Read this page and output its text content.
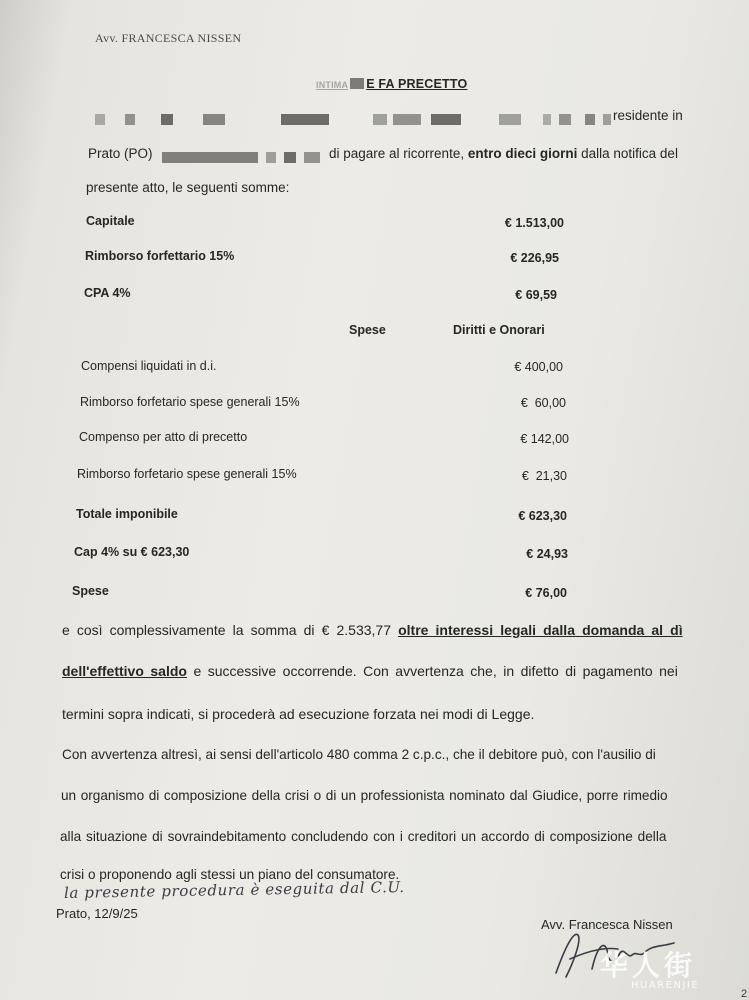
Avv. FRANCESCA NISSEN
INTIMA E FA PRECETTO
residente in
Prato (PO)	di pagare al ricorrente, entro dieci giorni dalla notifica del
presente atto, le seguenti somme:
Capitale	€ 1.513,00
Rimborso forfettario 15%	€ 226,95
CPA 4%	€ 69,59
Spese	Diritti e Onorari
Compensi liquidati in d.i.	€ 400,00
Rimborso forfetario spese generali 15%	€  60,00
Compenso per atto di precetto	€ 142,00
Rimborso forfetario spese generali 15%	€  21,30
Totale imponibile	€ 623,30
Cap 4% su € 623,30	€ 24,93
Spese	€ 76,00
e così complessivamente la somma di € 2.533,77 oltre interessi legali dalla domanda al dì
dell'effettivo saldo e successive occorrende. Con avvertenza che, in difetto di pagamento nei
termini sopra indicati, si procederà ad esecuzione forzata nei modi di Legge.
Con avvertenza altresì, ai sensi dell'articolo 480 comma 2 c.p.c., che il debitore può, con l'ausilio di
un organismo di composizione della crisi o di un professionista nominato dal Giudice, porre rimedio
alla situazione di sovraindebitamento concludendo con i creditori un accordo di composizione della
crisi o proponendo agli stessi un piano del consumatore.
la presente procedura è eseguita dal C.U.
Prato, 12/9/25
Avv. Francesca Nissen
华人街
HUARENJIE
2
